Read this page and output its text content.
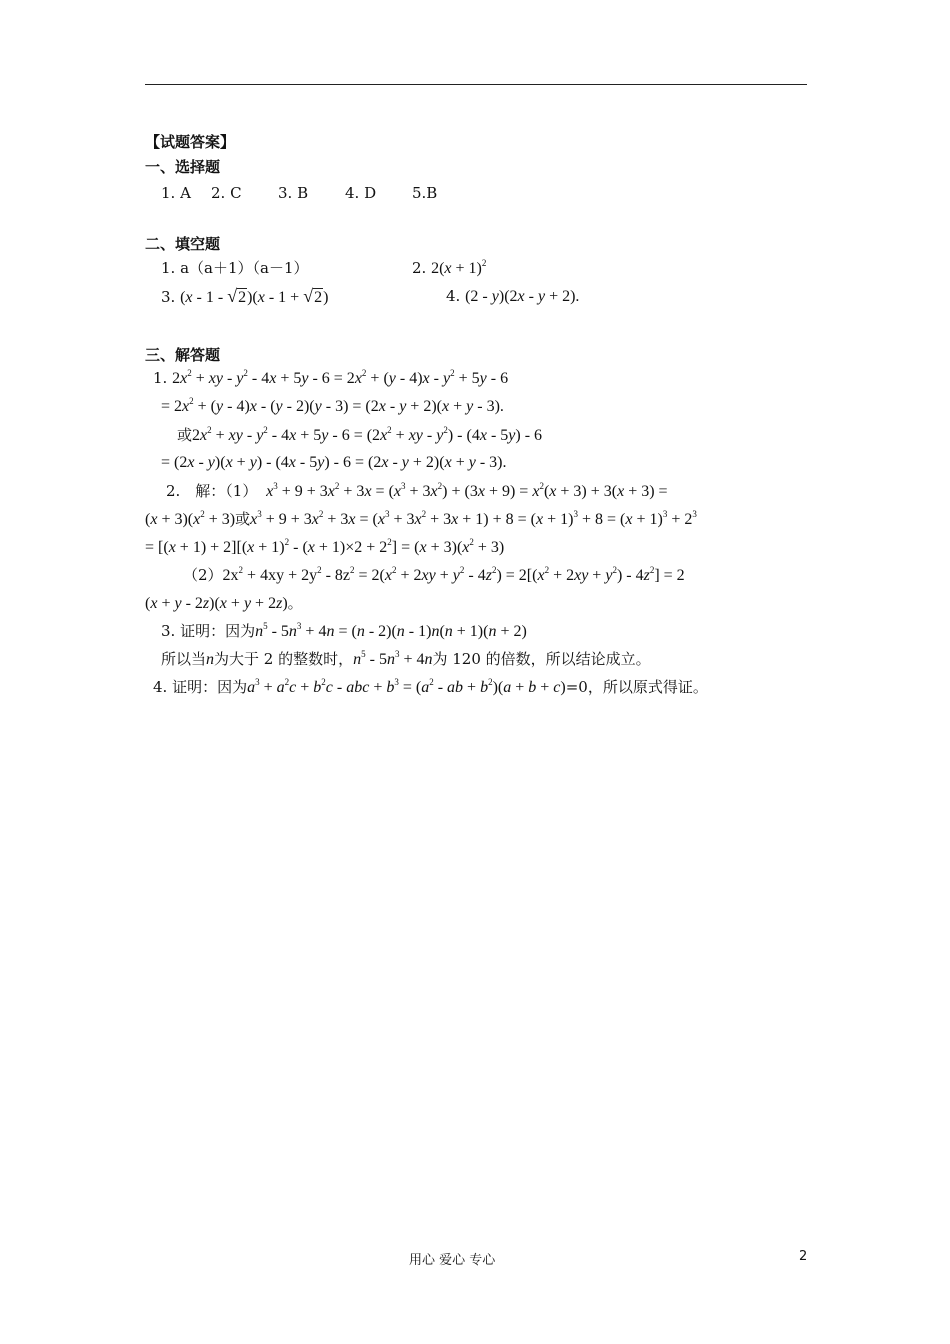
【试题答案】
一、选择题
1. A 2. C 3. B 4. D 5.B
二、填空题
1. a（a＋1）（a－1）	2. $2(x + 1)^2$
3. (x - 1 - √2)(x - 1 + √2)	4. (2 - y)(2x - y + 2).
三、解答题
1. $2x^2$ + xy - $y^2 - 4x + 5y - 6 = 2x^2 + (y - 4)x - y^2 + 5y - 6$
= $2x^2 + (y - 4)x - (y - 2)(y - 3) = (2x - y + 2)(x + y - 3)$.
或$2x^2$ + xy - $y^2 - 4x + 5y - 6 = (2x^2$ + xy - $y^2) - (4x - 5y) - 6$
= (2x - y)(x + y) - (4x - 5y) - 6 = (2x - y + 2)(x + y - 3).
2.　解：（1） $x^3 + 9 + 3x^2 + 3x = (x^3 + 3x^2) + (3x + 9) = x^2(x + 3) + 3(x + 3)$ =
$(x + 3)(x^2 + 3)$或$x^3 + 9 + 3x^2 + 3x = (x^3 + 3x^2 + 3x + 1) + 8 = (x + 1)^3 + 8 = (x + 1)^3 + 2^3$
= $[(x + 1) + 2][(x + 1)^2 - (x + 1)\times 2 + 2^2] = (x + 3)(x^2 + 3)$
$(2)2x^2 + 4xy + 2y^2 - 8z^2 = 2(x^2 + 2xy + y^2 - 4z^2) = 2[(x^2 + 2xy + y^2) - 4z^2] = 2$
(x + y - 2z)(x + y + 2z)。
3. 证明：因为$n^5 - 5n^3 + 4n = (n - 2)(n - 1)n(n + 1)(n + 2)$
所以当n为大于 2 的整数时，$n^5 - 5n^3 + 4n$为 120 的倍数，所以结论成立。
4. 证明：因为$a^3 + a^2c + b^2c$ - abc + $b^3 = (a^2$ - ab + $b^2)(a + b + c)=0$，所以原式得证。
用心 爱心 专心	2
